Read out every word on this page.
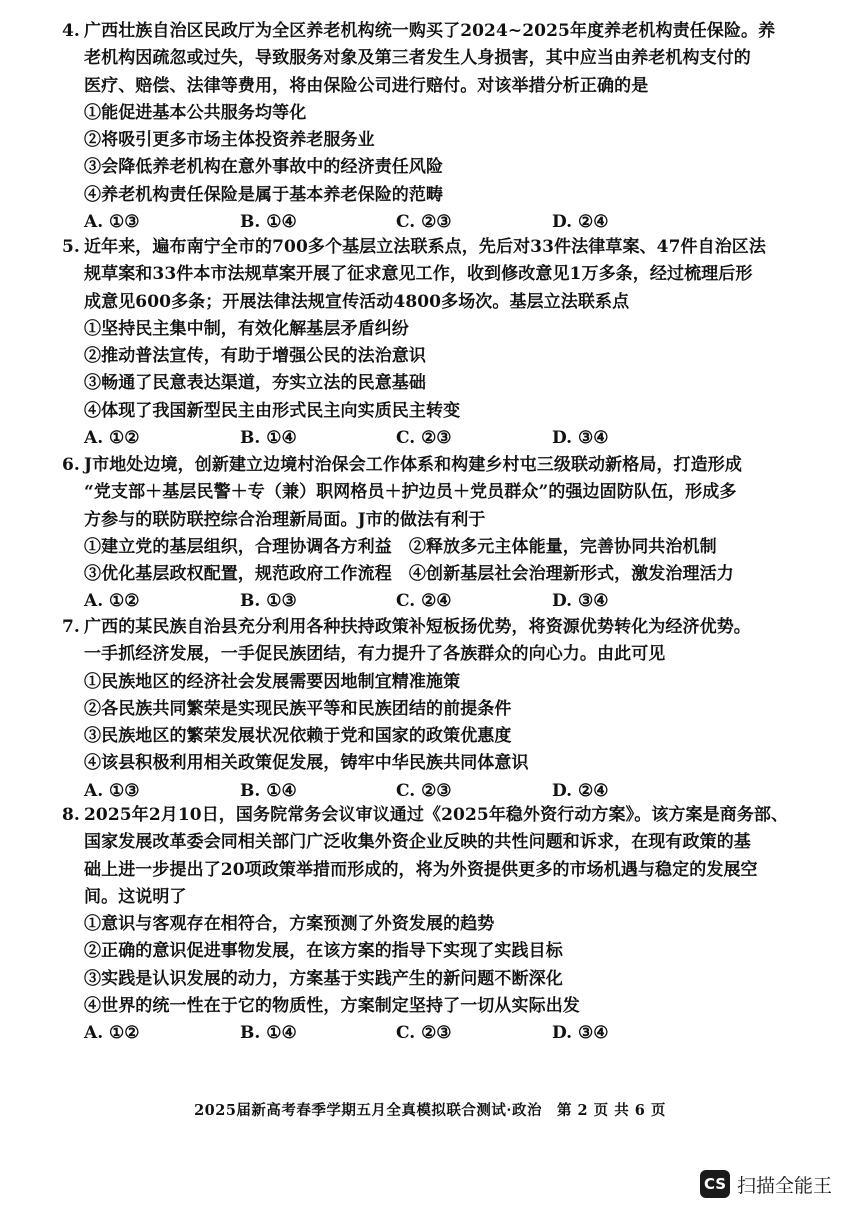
4. 广西壮族自治区民政厅为全区养老机构统一购买了2024~2025年度养老机构责任保险。养
老机构因疏忽或过失，导致服务对象及第三者发生人身损害，其中应当由养老机构支付的
医疗、赔偿、法律等费用，将由保险公司进行赔付。对该举措分析正确的是
①能促进基本公共服务均等化
②将吸引更多市场主体投资养老服务业
③会降低养老机构在意外事故中的经济责任风险
④养老机构责任保险是属于基本养老保险的范畴
A. ①③	B. ①④	C. ②③	D. ②④
5. 近年来，遍布南宁全市的700多个基层立法联系点，先后对33件法律草案、47件自治区法
规草案和33件本市法规草案开展了征求意见工作，收到修改意见1万多条，经过梳理后形
成意见600多条；开展法律法规宣传活动4800多场次。基层立法联系点
①坚持民主集中制，有效化解基层矛盾纠纷
②推动普法宣传，有助于增强公民的法治意识
③畅通了民意表达渠道，夯实立法的民意基础
④体现了我国新型民主由形式民主向实质民主转变
A. ①②	B. ①④	C. ②③	D. ③④
6. J市地处边境，创新建立边境村治保会工作体系和构建乡村屯三级联动新格局，打造形成
“党支部＋基层民警＋专（兼）职网格员＋护边员＋党员群众”的强边固防队伍，形成多
方参与的联防联控综合治理新局面。J市的做法有利于
①建立党的基层组织，合理协调各方利益　②释放多元主体能量，完善协同共治机制
③优化基层政权配置，规范政府工作流程　④创新基层社会治理新形式，激发治理活力
A. ①②	B. ①③	C. ②④	D. ③④
7. 广西的某民族自治县充分利用各种扶持政策补短板扬优势，将资源优势转化为经济优势。
一手抓经济发展，一手促民族团结，有力提升了各族群众的向心力。由此可见
①民族地区的经济社会发展需要因地制宜精准施策
②各民族共同繁荣是实现民族平等和民族团结的前提条件
③民族地区的繁荣发展状况依赖于党和国家的政策优惠度
④该县积极利用相关政策促发展，铸牢中华民族共同体意识
A. ①③	B. ①④	C. ②③	D. ②④
8. 2025年2月10日，国务院常务会议审议通过《2025年稳外资行动方案》。该方案是商务部、
国家发展改革委会同相关部门广泛收集外资企业反映的共性问题和诉求，在现有政策的基
础上进一步提出了20项政策举措而形成的，将为外资提供更多的市场机遇与稳定的发展空
间。这说明了
①意识与客观存在相符合，方案预测了外资发展的趋势
②正确的意识促进事物发展，在该方案的指导下实现了实践目标
③实践是认识发展的动力，方案基于实践产生的新问题不断深化
④世界的统一性在于它的物质性，方案制定坚持了一切从实际出发
A. ①②	B. ①④	C. ②③	D. ③④
2025届新高考春季学期五月全真模拟联合测试·政治　第 2 页 共 6 页
CS 扫描全能王
